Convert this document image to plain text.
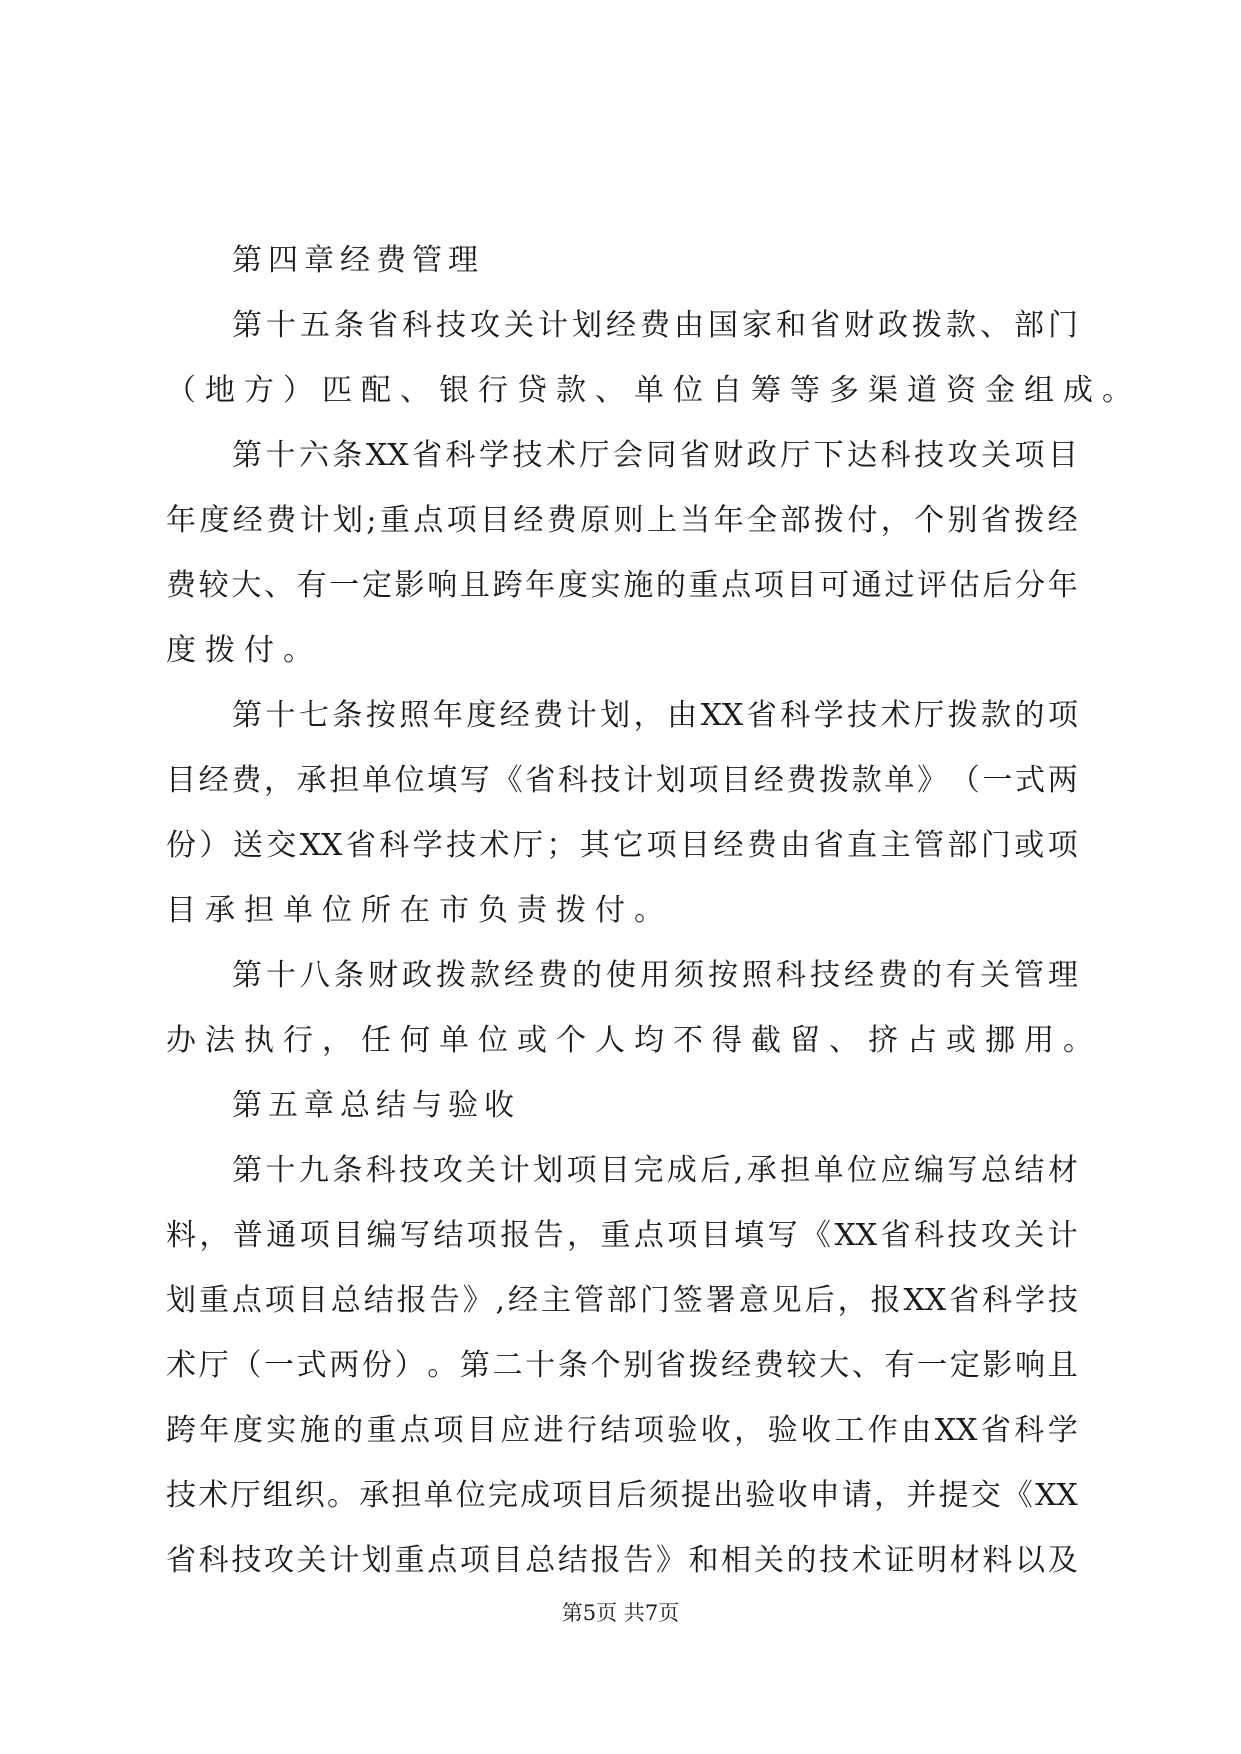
第四章经费管理
第 十 五 条 省 科 技 攻 关 计 划 经 费 由 国 家 和 省 财 政 拨 款 、 部 门
（地方）匹配、银行贷款、单位自筹等多渠道资金组成。
第 十 六 条 XX 省 科 学 技 术 厅 会 同 省 财 政 厅 下 达 科 技 攻 关 项 目
年 度 经 费 计 划 ; 重 点 项 目 经 费 原 则 上 当 年 全 部 拨 付 ， 个 别 省 拨 经
费 较 大 、 有 一 定 影 响 且 跨 年 度 实 施 的 重 点 项 目 可 通 过 评 估 后 分 年
度拨付。
第 十 七 条 按 照 年 度 经 费 计 划 ， 由 XX 省 科 学 技 术 厅 拨 款 的 项
目 经 费 ， 承 担 单 位 填 写 《 省 科 技 计 划 项 目 经 费 拨 款 单 》 （ 一 式 两
份 ） 送 交 XX 省 科 学 技 术 厅 ； 其 它 项 目 经 费 由 省 直 主 管 部 门 或 项
目承担单位所在市负责拨付。
第 十 八 条 财 政 拨 款 经 费 的 使 用 须 按 照 科 技 经 费 的 有 关 管 理
办法执行，任何单位或个人均不得截留、挤占或挪用。
第五章总结与验收
第 十 九 条 科 技 攻 关 计 划 项 目 完 成 后 , 承 担 单 位 应 编 写 总 结 材
料 ， 普 通 项 目 编 写 结 项 报 告 ， 重 点 项 目 填 写 《 XX 省 科 技 攻 关 计
划 重 点 项 目 总 结 报 告 》 , 经 主 管 部 门 签 署 意 见 后 ， 报 XX 省 科 学 技
术 厅 （ 一 式 两 份 ） 。 第 二 十 条 个 别 省 拨 经 费 较 大 、 有 一 定 影 响 且
跨 年 度 实 施 的 重 点 项 目 应 进 行 结 项 验 收 ， 验 收 工 作 由 XX 省 科 学
技 术 厅 组 织 。 承 担 单 位 完 成 项 目 后 须 提 出 验 收 申 请 ， 并 提 交 《 XX
省 科 技 攻 关 计 划 重 点 项 目 总 结 报 告 》 和 相 关 的 技 术 证 明 材 料 以 及
第5页 共7页
